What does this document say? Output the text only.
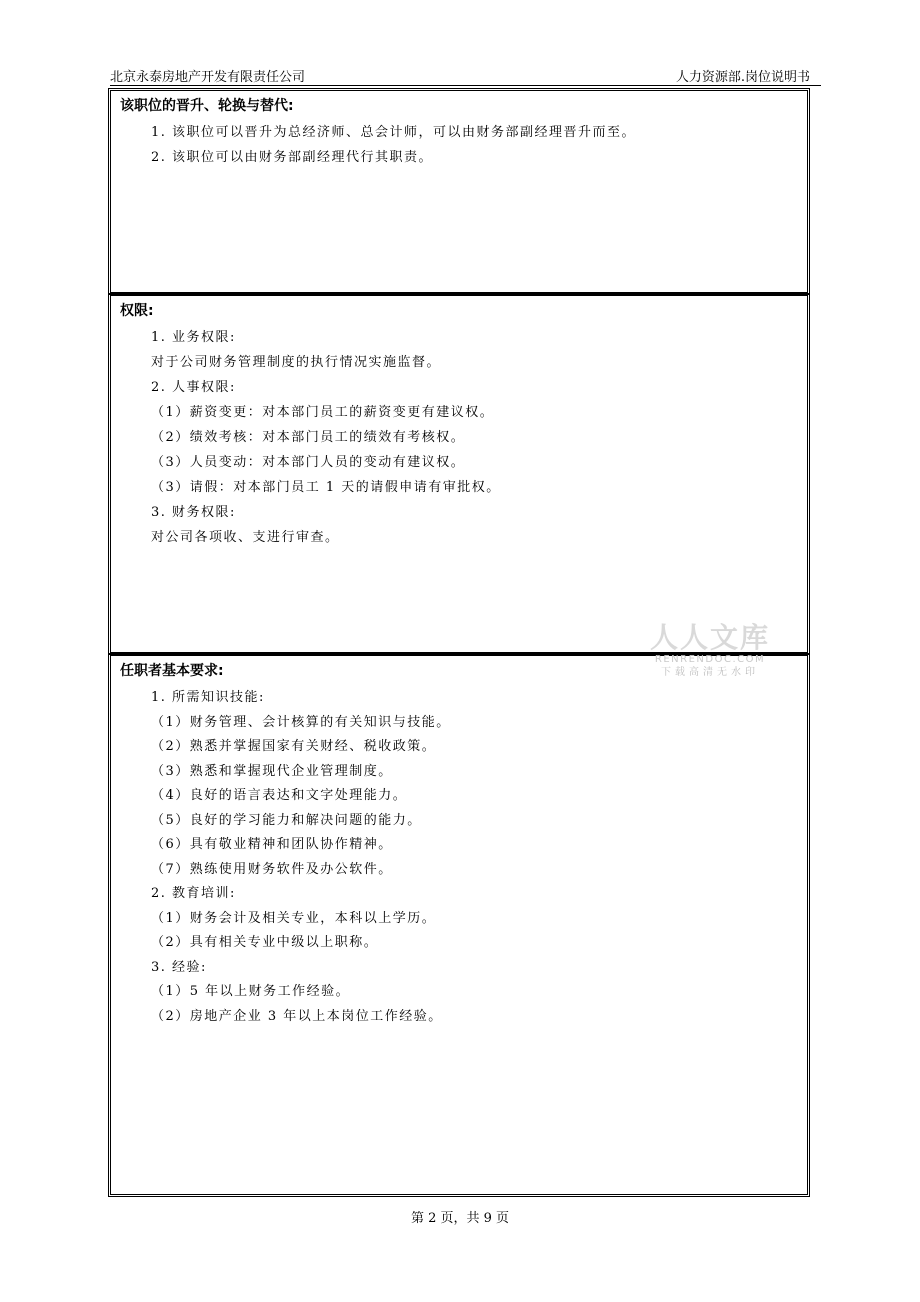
北京永泰房地产开发有限责任公司	人力资源部.岗位说明书
该职位的晋升、轮换与替代:
1. 该职位可以晋升为总经济师、总会计师，可以由财务部副经理晋升而至。
2. 该职位可以由财务部副经理代行其职责。
权限:
1. 业务权限:
对于公司财务管理制度的执行情况实施监督。
2. 人事权限:
（1）薪资变更：对本部门员工的薪资变更有建议权。
（2）绩效考核：对本部门员工的绩效有考核权。
（3）人员变动：对本部门人员的变动有建议权。
（3）请假：对本部门员工 1 天的请假申请有审批权。
3. 财务权限:
对公司各项收、支进行审查。
任职者基本要求:
1. 所需知识技能:
（1）财务管理、会计核算的有关知识与技能。
（2）熟悉并掌握国家有关财经、税收政策。
（3）熟悉和掌握现代企业管理制度。
（4）良好的语言表达和文字处理能力。
（5）良好的学习能力和解决问题的能力。
（6）具有敬业精神和团队协作精神。
（7）熟练使用财务软件及办公软件。
2. 教育培训:
（1）财务会计及相关专业，本科以上学历。
（2）具有相关专业中级以上职称。
3. 经验:
（1）5 年以上财务工作经验。
（2）房地产企业 3 年以上本岗位工作经验。
人人文库
RENRENDOC.COM
下载高清无水印
第 2 页，共 9 页
